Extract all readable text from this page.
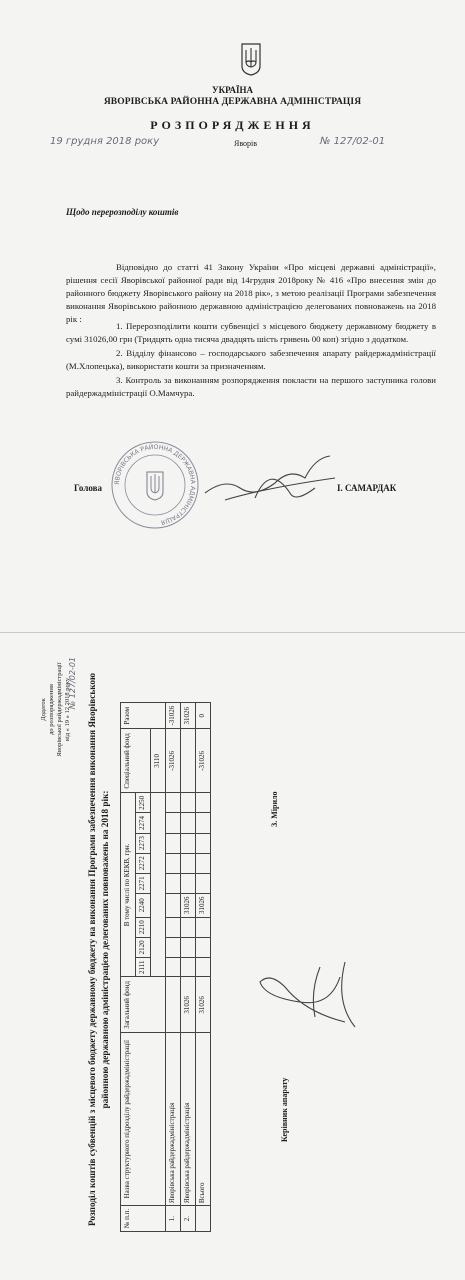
УКРАЇНА
ЯВОРІВСЬКА РАЙОННА ДЕРЖАВНА АДМІНІСТРАЦІЯ
РОЗПОРЯДЖЕННЯ
19 грудня 2018 року	Яворів	№ 127/02-01
Щодо перерозподілу коштів

Відповідно до статті 41 Закону України «Про місцеві державні адміністрації», рішення сесії Яворівської районної ради від 14грудня 2018року № 416 «Про внесення змін до районного бюджету Яворівського району на 2018 рік», з метою реалізації Програми забезпечення виконання Яворівською районною державною адміністрацією делегованих повноважень на 2018 рік :

1. Перерозподілити кошти субвенцієї з місцевого бюджету державному бюджету в сумі 31026,00 грн (Тридцять одна тисяча двадцять шість гривень 00 коп) згідно з додатком.

2. Відділу фінансово – господарського забезпечення апарату райдержадміністрації (М.Хлопецька), використати кошти за призначенням.

3. Контроль за виконанням розпорядження покласти на першого заступника голови райдержадміністрації О.Мамчура.

ЯВОРІВСЬКА РАЙОННА ДЕРЖАВНА АДМІНІСТРАЦІЯ
Голова	І. САМАРДАК
Додаток до розпорядження Яворівської райдержадміністрації від « 19 » 12 2018 року
№ 127/02-01 Розподіл коштів субвенцій з місцевого бюджету державному бюджету на виконання Програми забезпечення виконання Яворівською районною державною адміністрацією делегованих повноважень на 2018 рік:
№ п.п.	Назва структурного підрозділу райдержадміністрації	Загальний фонд	В тому числі по КЕКВ, грн.									Спеціальний фонд	Разом
			2111	2120	2210	2240	2271	2272	2273	2274	2250		
												3110	
1.	Яворівська райдержадміністрація											-31026	-31026
2.	Яворівська райдержадміністрація	31026				31026							31026
	Всього	31026				31026						-31026	0
З. Мірило
Керівник апарату
